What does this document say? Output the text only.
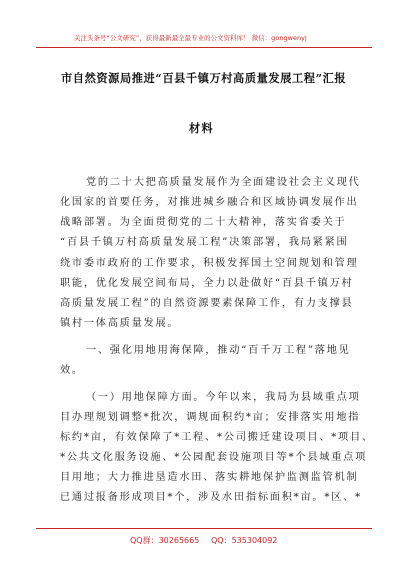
关注头条号“公文研究”，获得最新最全最专业的公文资料库！ 微信：gongwenyj
市自然资源局推进“百县千镇万村高质量发展工程”汇报
材料
党的二十大把高质量发展作为全面建设社会主义现代
化国家的首要任务，对推进城乡融合和区域协调发展作出
战略部署。为全面贯彻党的二十大精神，落实省委关于
“百县千镇万村高质量发展工程”决策部署，我局紧紧围
绕市委市政府的工作要求，积极发挥国土空间规划和管理
职能，优化发展空间布局，全力以赴做好“百县千镇万村
高质量发展工程”的自然资源要素保障工作，有力支撑县
镇村一体高质量发展。
一、强化用地用海保障，推动“百千万工程”落地见
效。
（一）用地保障方面。今年以来，我局为县域重点项
目办理规划调整*批次，调规面积约*亩；安排落实用地指
标约*亩，有效保障了*工程、*公司搬迁建设项目、*项目、
*公共文化服务设施、*公园配套设施项目等*个县域重点项
目用地；大力推进垦造水田、落实耕地保护监测监管机制
已通过报备形成项目*个，涉及水田指标面积*亩。*区、*
QQ群：30265665 QQ：535304092
